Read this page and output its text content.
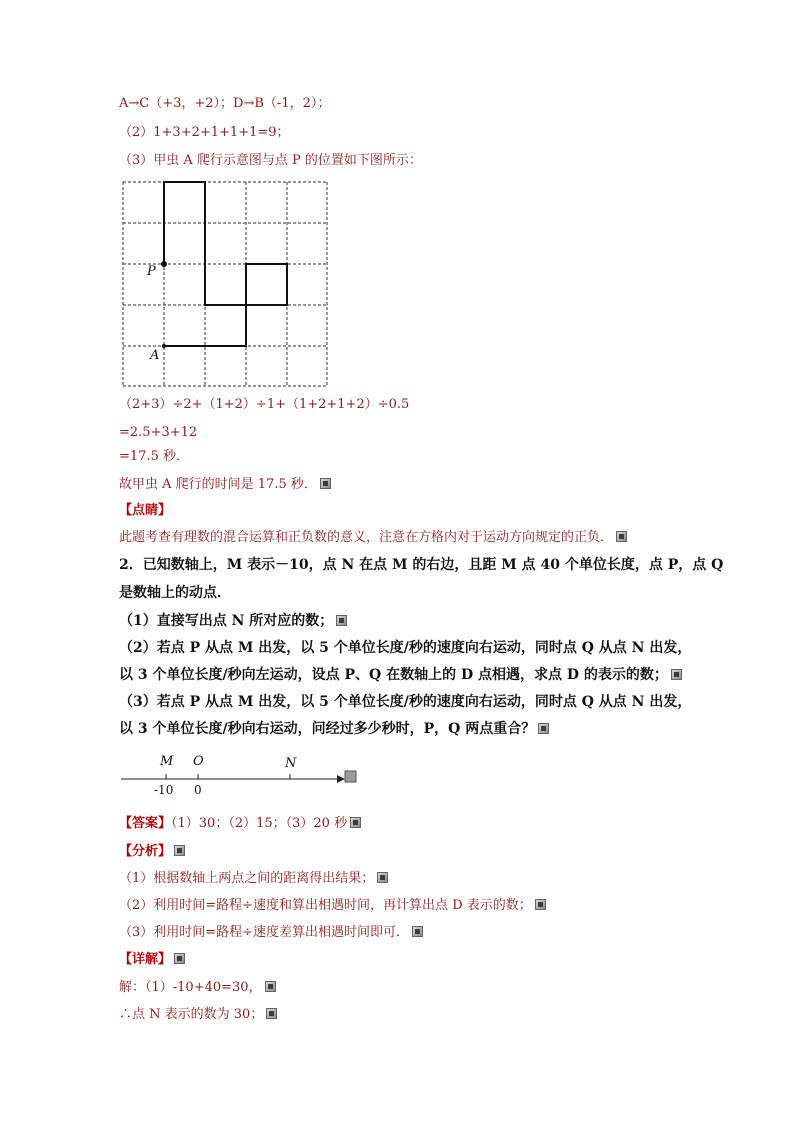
A→C（+3，+2）；D→B（-1，2）；
（2）1+3+2+1+1+1=9；
（3）甲虫 A 爬行示意图与点 P 的位置如下图所示：
P
A
（2+3）÷2+（1+2）÷1+（1+2+1+2）÷0.5
=2.5+3+12
=17.5 秒．
故甲虫 A 爬行的时间是 17.5 秒．
【点睛】
此题考查有理数的混合运算和正负数的意义，注意在方格内对于运动方向规定的正负．
2．已知数轴上，M 表示－10，点 N 在点 M 的右边，且距 M 点 40 个单位长度，点 P，点 Q
是数轴上的动点．
（1）直接写出点 N 所对应的数；
（2）若点 P 从点 M 出发，以 5 个单位长度/秒的速度向右运动，同时点 Q 从点 N 出发，
以 3 个单位长度/秒向左运动，设点 P、Q 在数轴上的 D 点相遇，求点 D 的表示的数；
（3）若点 P 从点 M 出发，以 5 个单位长度/秒的速度向右运动，同时点 Q 从点 N 出发，
以 3 个单位长度/秒向右运动，问经过多少秒时，P，Q 两点重合？
M O	N
-10 0
【答案】（1）30；（2）15；（3）20 秒
【分析】
（1）根据数轴上两点之间的距离得出结果；
（2）利用时间=路程÷速度和算出相遇时间，再计算出点 D 表示的数；
（3）利用时间=路程÷速度差算出相遇时间即可．
【详解】
解：（1）-10+40=30，
∴点 N 表示的数为 30；
